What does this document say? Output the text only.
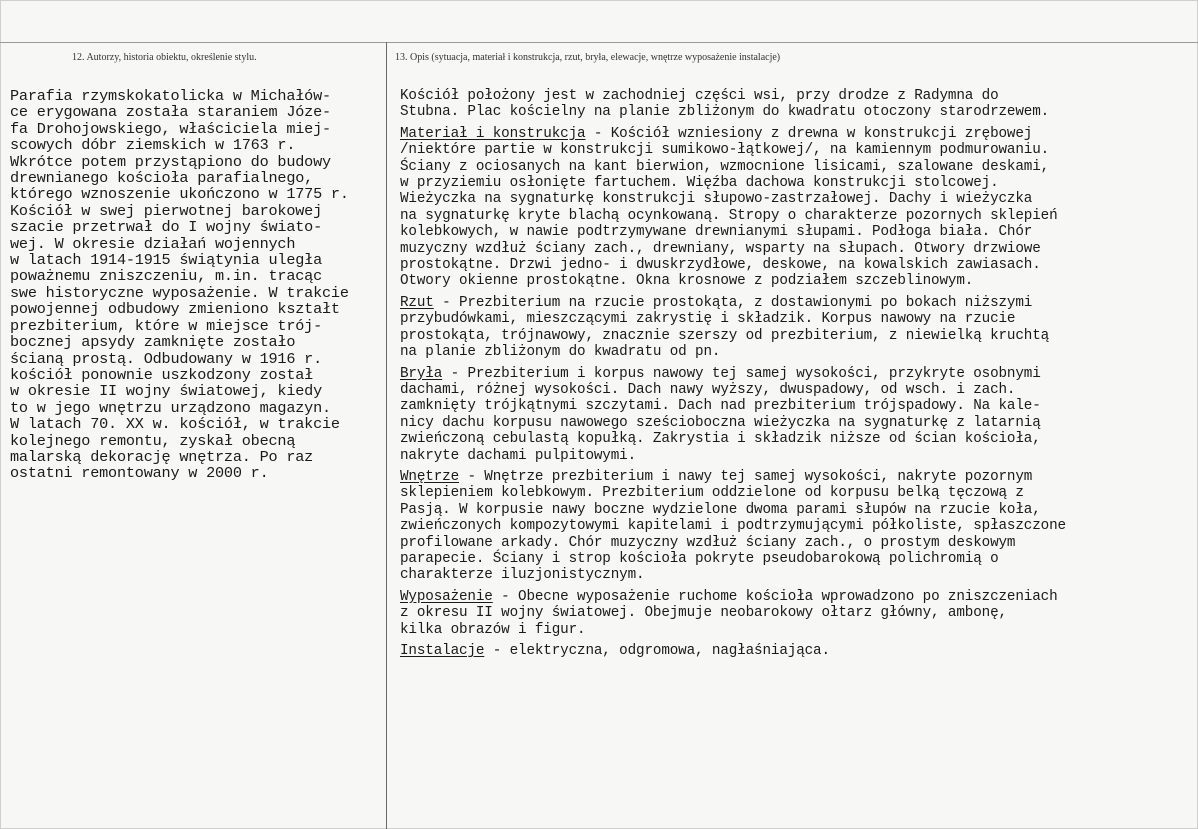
12. Autorzy, historia obiektu, określenie stylu.	13. Opis (sytuacja, materiał i konstrukcja, rzut, bryła, elewacje, wnętrze wyposażenie instalacje)
Parafia rzymskokatolicka w Michałów-
ce erygowana została staraniem Józe-
fa Drohojowskiego, właściciela miej-
scowych dóbr ziemskich w 1763 r.
Wkrótce potem przystąpiono do budowy
drewnianego kościoła parafialnego,
którego wznoszenie ukończono w 1775 r.
Kościół w swej pierwotnej barokowej
szacie przetrwał do I wojny świato-
wej. W okresie działań wojennych
w latach 1914-1915 świątynia uległa
poważnemu zniszczeniu, m.in. tracąc
swe historyczne wyposażenie. W trakcie
powojennej odbudowy zmieniono kształt
prezbiterium, które w miejsce trój-
bocznej apsydy zamknięte zostało
ścianą prostą. Odbudowany w 1916 r.
kościół ponownie uszkodzony został
w okresie II wojny światowej, kiedy
to w jego wnętrzu urządzono magazyn.
W latach 70. XX w. kościół, w trakcie
kolejnego remontu, zyskał obecną
malarską dekorację wnętrza. Po raz
ostatni remontowany w 2000 r.
Kościół położony jest w zachodniej części wsi, przy drodze z Radymna do
Stubna. Plac kościelny na planie zbliżonym do kwadratu otoczony starodrzewem.
Materiał i konstrukcja - Kościół wzniesiony z drewna w konstrukcji zrębowej
/niektóre partie w konstrukcji sumikowo-łątkowej/, na kamiennym podmurowaniu.
Ściany z ociosanych na kant bierwion, wzmocnione lisicami, szalowane deskami,
w przyziemiu osłonięte fartuchem. Więźba dachowa konstrukcji stolcowej.
Wieżyczka na sygnaturkę konstrukcji słupowo-zastrzałowej. Dachy i wieżyczka
na sygnaturkę kryte blachą ocynkowaną. Stropy o charakterze pozornych sklepień
kolebkowych, w nawie podtrzymywane drewnianymi słupami. Podłoga biała. Chór
muzyczny wzdłuż ściany zach., drewniany, wsparty na słupach. Otwory drzwiowe
prostokątne. Drzwi jedno- i dwuskrzydłowe, deskowe, na kowalskich zawiasach.
Otwory okienne prostokątne. Okna krosnowe z podziałem szczeblinowym.
Rzut - Prezbiterium na rzucie prostokąta, z dostawionymi po bokach niższymi
przybudówkami, mieszczącymi zakrystię i składzik. Korpus nawowy na rzucie
prostokąta, trójnawowy, znacznie szerszy od prezbiterium, z niewielką kruchtą
na planie zbliżonym do kwadratu od pn.
Bryła - Prezbiterium i korpus nawowy tej samej wysokości, przykryte osobnymi
dachami, różnej wysokości. Dach nawy wyższy, dwuspadowy, od wsch. i zach.
zamknięty trójkątnymi szczytami. Dach nad prezbiterium trójspadowy. Na kale-
nicy dachu korpusu nawowego sześcioboczna wieżyczka na sygnaturkę z latarnią
zwieńczoną cebulastą kopułką. Zakrystia i składzik niższe od ścian kościoła,
nakryte dachami pulpitowymi.
Wnętrze - Wnętrze prezbiterium i nawy tej samej wysokości, nakryte pozornym
sklepieniem kolebkowym. Prezbiterium oddzielone od korpusu belką tęczową z
Pasją. W korpusie nawy boczne wydzielone dwoma parami słupów na rzucie koła,
zwieńczonych kompozytowymi kapitelami i podtrzymującymi półkoliste, spłaszczone
profilowane arkady. Chór muzyczny wzdłuż ściany zach., o prostym deskowym
parapecie. Ściany i strop kościoła pokryte pseudobarokową polichromią o
charakterze iluzjonistycznym.
Wyposażenie - Obecne wyposażenie ruchome kościoła wprowadzono po zniszczeniach
z okresu II wojny światowej. Obejmuje neobarokowy ołtarz główny, ambonę,
kilka obrazów i figur.
Instalacje - elektryczna, odgromowa, nagłaśniająca.
